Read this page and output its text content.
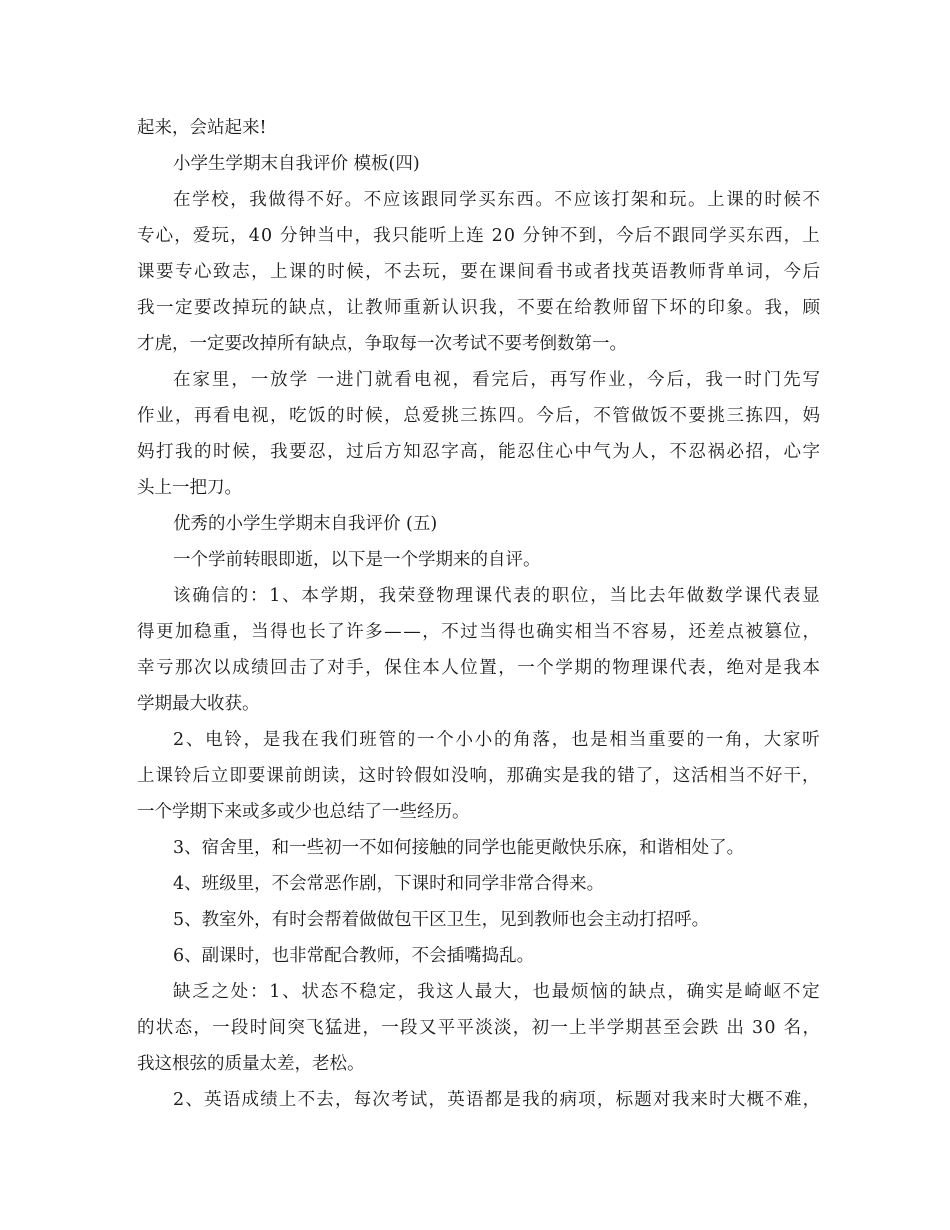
起来，会站起来!
小学生学期末自我评价 模板(四)
在学校，我做得不好。不应该跟同学买东西。不应该打架和玩。上课的时候不
专心，爱玩，40 分钟当中，我只能听上连 20 分钟不到，今后不跟同学买东西，上
课要专心致志，上课的时候，不去玩，要在课间看书或者找英语教师背单词，今后
我一定要改掉玩的缺点，让教师重新认识我，不要在给教师留下坏的印象。我，顾
才虎，一定要改掉所有缺点，争取每一次考试不要考倒数第一。
在家里，一放学 一进门就看电视，看完后，再写作业，今后，我一时门先写
作业，再看电视，吃饭的时候，总爱挑三拣四。今后，不管做饭不要挑三拣四，妈
妈打我的时候，我要忍，过后方知忍字高，能忍住心中气为人，不忍祸必招，心字
头上一把刀。
优秀的小学生学期末自我评价 (五)
一个学前转眼即逝，以下是一个学期来的自评。
该确信的：1、本学期，我荣登物理课代表的职位，当比去年做数学课代表显
得更加稳重，当得也长了许多——，不过当得也确实相当不容易，还差点被篡位，
幸亏那次以成绩回击了对手，保住本人位置，一个学期的物理课代表，绝对是我本
学期最大收获。
2、电铃，是我在我们班管的一个小小的角落，也是相当重要的一角，大家听
上课铃后立即要课前朗读，这时铃假如没响，那确实是我的错了，这活相当不好干，
一个学期下来或多或少也总结了一些经历。
3、宿舍里，和一些初一不如何接触的同学也能更敞快乐庥，和谐相处了。
4、班级里，不会常恶作剧，下课时和同学非常合得来。
5、教室外，有时会帮着做做包干区卫生，见到教师也会主动打招呼。
6、副课时，也非常配合教师，不会插嘴捣乱。
缺乏之处：1、状态不稳定，我这人最大，也最烦恼的缺点，确实是崎岖不定
的状态，一段时间突飞猛进，一段又平平淡淡，初一上半学期甚至会跌 出 30 名，
我这根弦的质量太差，老松。
2、英语成绩上不去，每次考试，英语都是我的病项，标题对我来时大概不难，
